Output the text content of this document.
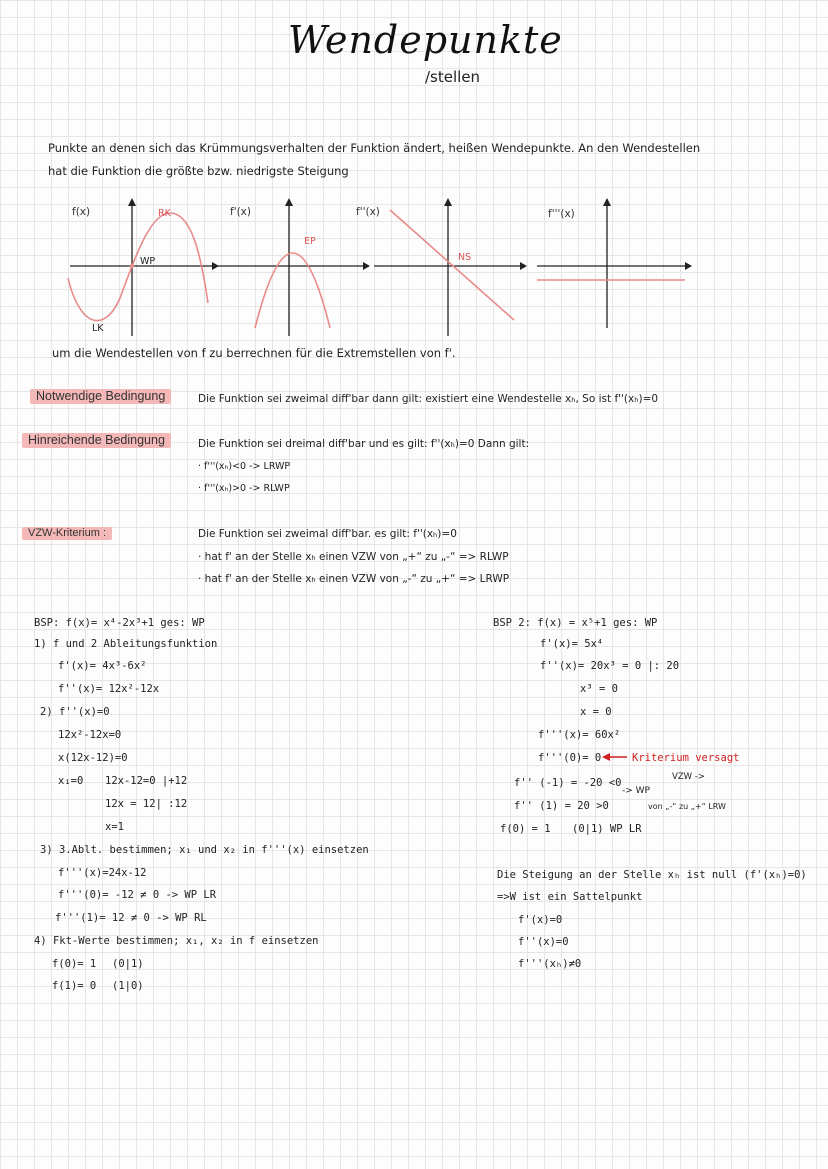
Wendepunkte
/stellen
Punkte an denen sich das Krümmungsverhalten der Funktion ändert, heißen Wendepunkte. An den Wendestellen
hat die Funktion die größte bzw. niedrigste Steigung
f(x)	RK
WP
LK
f'(x)
EP
f''(x)
NS
f'''(x)
um die Wendestellen von f zu berrechnen für die Extremstellen von f'.
Notwendige Bedingung	Die Funktion sei zweimal diff'bar dann gilt: existiert eine Wendestelle xₕ, So ist f''(xₕ)=0
Hinreichende Bedingung	Die Funktion sei dreimal diff'bar und es gilt: f''(xₕ)=0 Dann gilt:
· f'''(xₕ)<0 -> LRWP
· f'''(xₕ)>0 -> RLWP
VZW-Kriterium :	Die Funktion sei zweimal diff'bar. es gilt: f''(xₕ)=0
· hat f' an der Stelle xₕ einen VZW von „+“ zu „-“ => RLWP
· hat f' an der Stelle xₕ einen VZW von „-“ zu „+“ => LRWP
BSP: f(x)= x⁴-2x³+1 ges: WP
1) f und 2 Ableitungsfunktion
f'(x)= 4x³-6x²
f''(x)= 12x²-12x
2) f''(x)=0
12x²-12x=0
x(12x-12)=0
x₁=0 12x-12=0 |+12
12x = 12| :12
x=1
3) 3.Ablt. bestimmen; x₁ und x₂ in f'''(x) einsetzen
f'''(x)=24x-12
f'''(0)= -12 ≠ 0 -> WP LR
f'''(1)= 12 ≠ 0 -> WP RL
4) Fkt-Werte bestimmen; x₁, x₂ in f einsetzen
f(0)= 1 (0|1)
f(1)= 0 (1|0)
BSP 2: f(x) = x⁵+1 ges: WP
f'(x)= 5x⁴
f''(x)= 20x³ = 0 |: 20
x³ = 0
x = 0
f'''(x)= 60x²
f'''(0)= 0	Kriterium versagt
f'' (-1) = -20 <0
f'' (1) = 20 >0
f(0) = 1 (0|1) WP LR
VZW ->
-> WP
von „-“ zu „+“ LRW
Die Steigung an der Stelle xₕ ist null (f'(xₕ)=0)
=>W ist ein Sattelpunkt
f'(x)=0
f''(x)=0
f'''(xₕ)≠0
